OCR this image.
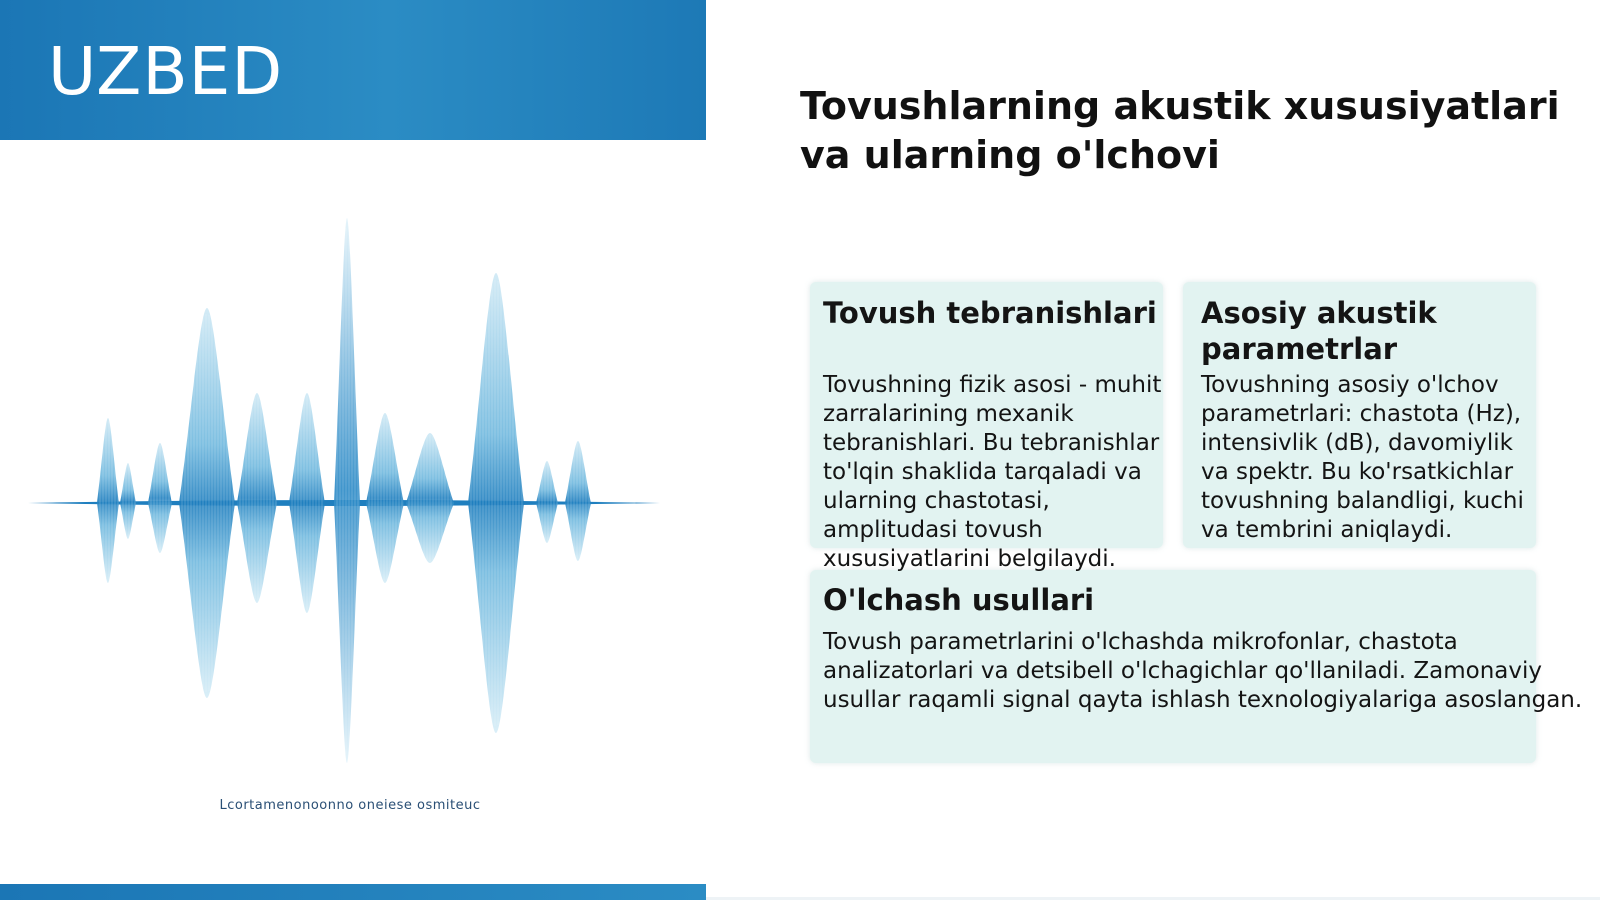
UZBED
Lcortamenonoonno oneiese osmiteuc
Tovushlarning akustik xususiyatlari va ularning o'lchovi
Tovush tebranishlari

Tovushning fizik asosi - muhit zarralarining mexanik tebranishlari. Bu tebranishlar to'lqin shaklida tarqaladi va ularning chastotasi, amplitudasi tovush xususiyatlarini belgilaydi.

Asosiy akustik parametrlar

Tovushning asosiy o'lchov parametrlari: chastota (Hz), intensivlik (dB), davomiylik va spektr. Bu ko'rsatkichlar tovushning balandligi, kuchi va tembrini aniqlaydi.

O'lchash usullari

Tovush parametrlarini o'lchashda mikrofonlar, chastota analizatorlari va detsibell o'lchagichlar qo'llaniladi. Zamonaviy usullar raqamli signal qayta ishlash texnologiyalariga asoslangan.
